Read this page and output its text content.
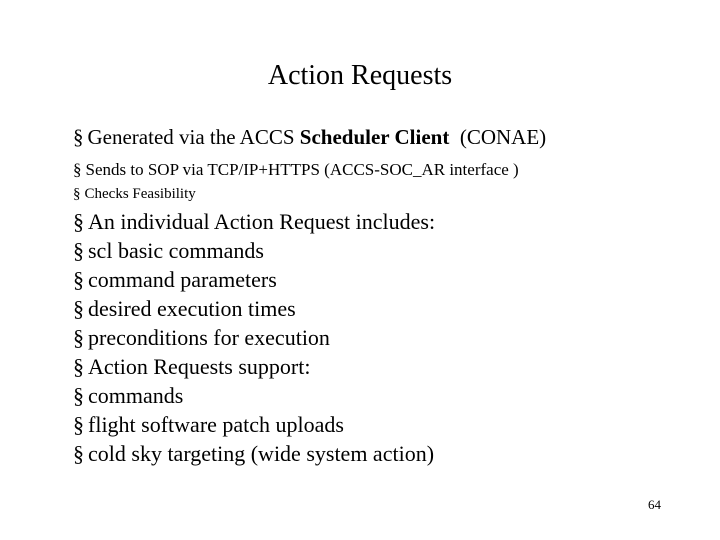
Action Requests
§ Generated via the ACCS Scheduler Client  (CONAE)
§ Sends to SOP via TCP/IP+HTTPS (ACCS-SOC_AR interface )
§ Checks Feasibility
§ An individual Action Request includes:
§ scl basic commands
§ command parameters
§ desired execution times
§ preconditions for execution
§ Action Requests support:
§ commands
§ flight software patch uploads
§ cold sky targeting (wide system action)
64
